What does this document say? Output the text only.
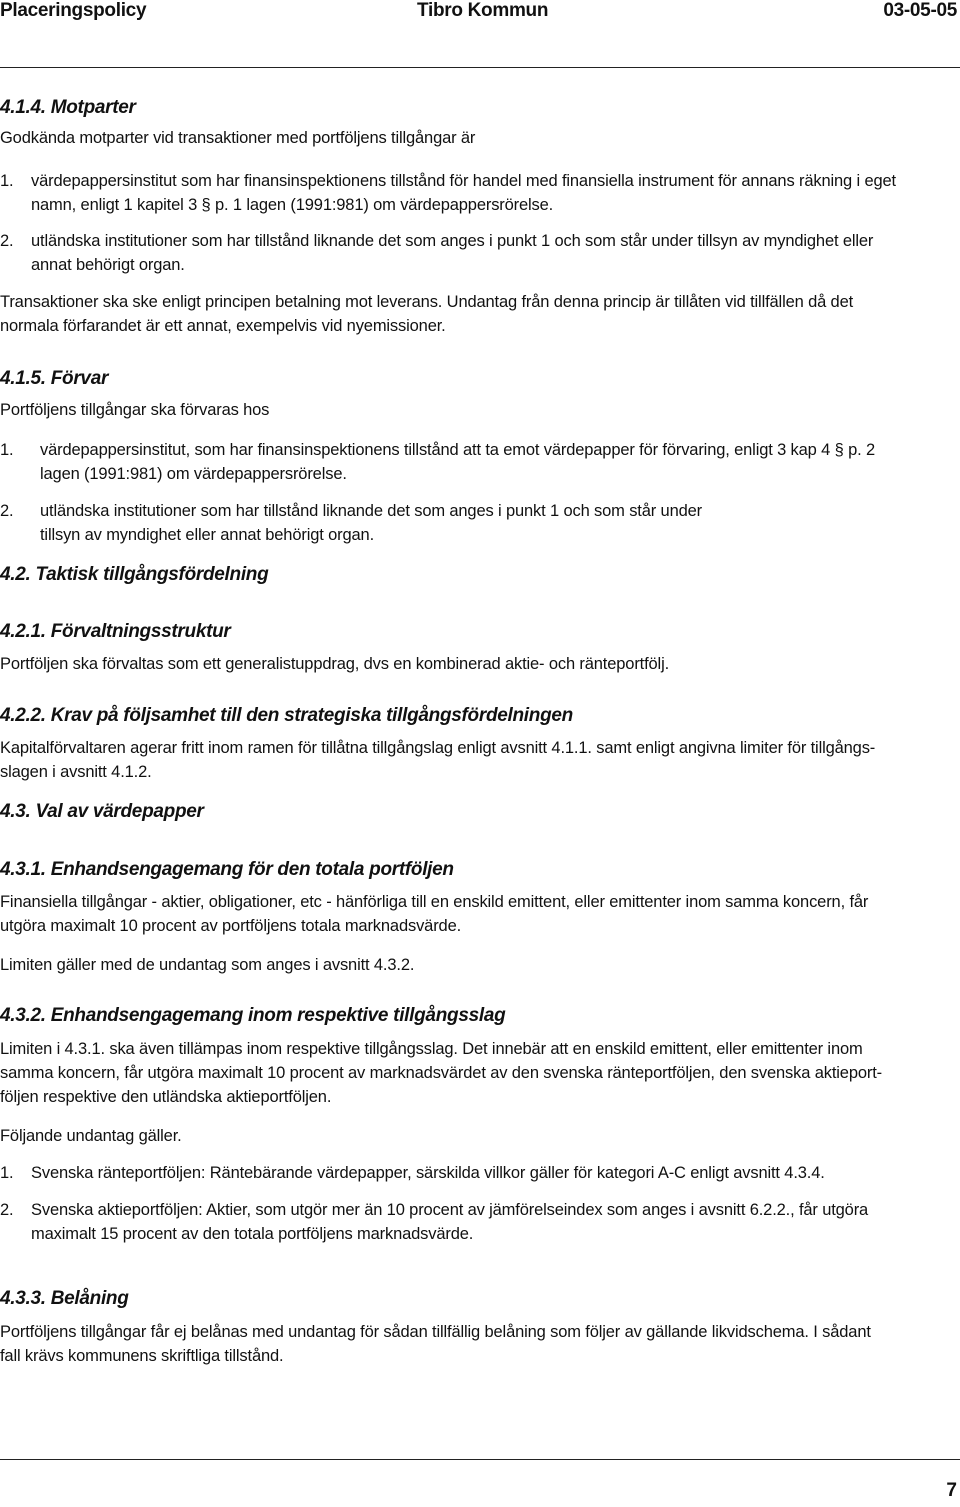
Placeringspolicy	Tibro Kommun	03-05-05
4.1.4. Motparter
Godkända motparter vid transaktioner med portföljens tillgångar är
1. värdepappersinstitut som har finansinspektionens tillstånd för handel med finansiella instrument för annans räkning i eget
namn, enligt 1 kapitel 3 § p. 1 lagen (1991:981) om värdepappersrörelse.
2. utländska institutioner som har tillstånd liknande det som anges i punkt 1 och som står under tillsyn av myndighet eller
annat behörigt organ.
Transaktioner ska ske enligt principen betalning mot leverans. Undantag från denna princip är tillåten vid tillfällen då det
normala förfarandet är ett annat, exempelvis vid nyemissioner.
4.1.5. Förvar
Portföljens tillgångar ska förvaras hos
1. värdepappersinstitut, som har finansinspektionens tillstånd att ta emot värdepapper för förvaring, enligt 3 kap 4 § p. 2
lagen (1991:981) om värdepappersrörelse.
2. utländska institutioner som har tillstånd liknande det som anges i punkt 1 och som står under
tillsyn av myndighet eller annat behörigt organ.
4.2. Taktisk tillgångsfördelning
4.2.1. Förvaltningsstruktur
Portföljen ska förvaltas som ett generalistuppdrag, dvs en kombinerad aktie- och ränteportfölj.
4.2.2. Krav på följsamhet till den strategiska tillgångsfördelningen
Kapitalförvaltaren agerar fritt inom ramen för tillåtna tillgångslag enligt avsnitt 4.1.1. samt enligt angivna limiter för tillgångs-
slagen i avsnitt 4.1.2.
4.3. Val av värdepapper
4.3.1. Enhandsengagemang för den totala portföljen
Finansiella tillgångar - aktier, obligationer, etc - hänförliga till en enskild emittent, eller emittenter inom samma koncern, får
utgöra maximalt 10 procent av portföljens totala marknadsvärde.
Limiten gäller med de undantag som anges i avsnitt 4.3.2.
4.3.2. Enhandsengagemang inom respektive tillgångsslag
Limiten i 4.3.1. ska även tillämpas inom respektive tillgångsslag. Det innebär att en enskild emittent, eller emittenter inom
samma koncern, får utgöra maximalt 10 procent av marknadsvärdet av den svenska ränteportföljen, den svenska aktieport-
följen respektive den utländska aktieportföljen.
Följande undantag gäller.
1. Svenska ränteportföljen: Räntebärande värdepapper, särskilda villkor gäller för kategori A-C enligt avsnitt 4.3.4.
2. Svenska aktieportföljen: Aktier, som utgör mer än 10 procent av jämförelseindex som anges i avsnitt 6.2.2., får utgöra
maximalt 15 procent av den totala portföljens marknadsvärde.
4.3.3. Belåning
Portföljens tillgångar får ej belånas med undantag för sådan tillfällig belåning som följer av gällande likvidschema. I sådant
fall krävs kommunens skriftliga tillstånd.
7
